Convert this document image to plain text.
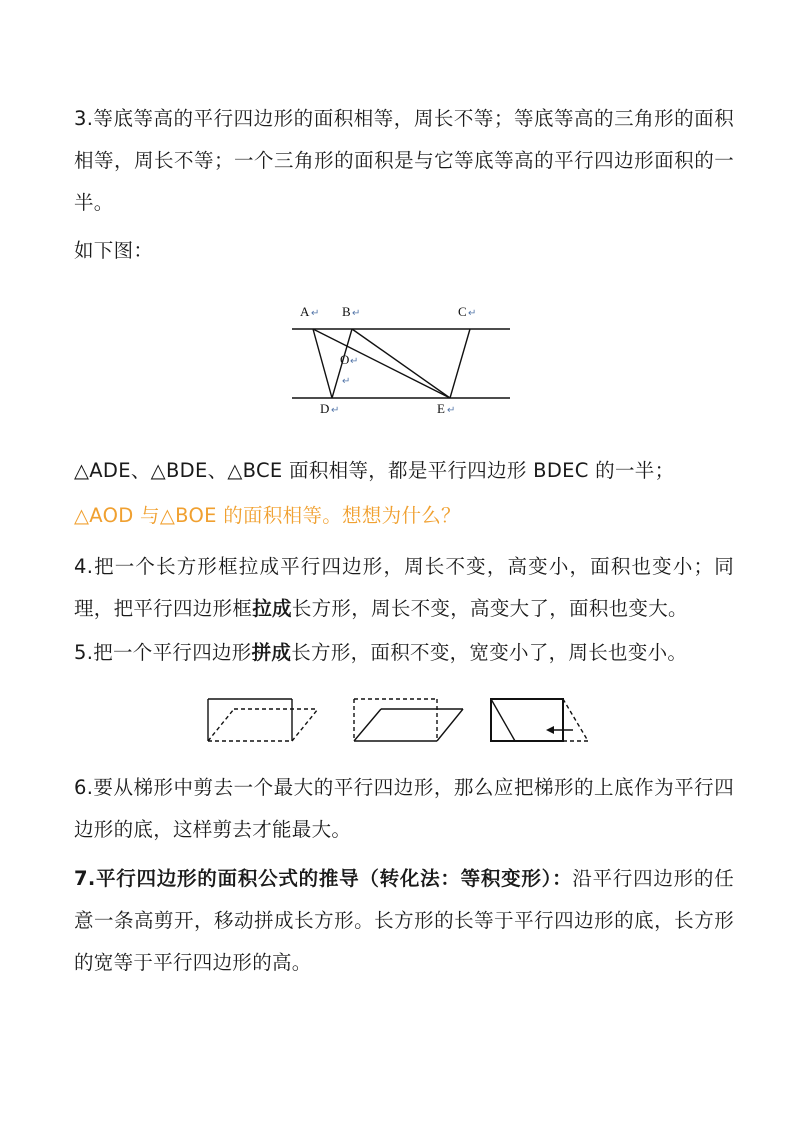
3.等底等高的平行四边形的面积相等，周长不等；等底等高的三角形的面积相等，周长不等；一个三角形的面积是与它等底等高的平行四边形面积的一半。
如下图：
A	B	C
O
D	E
↵	↵	↵
↵
↵
↵	↵
△ADE、△BDE、△BCE 面积相等，都是平行四边形 BDEC 的一半；
△AOD 与△BOE 的面积相等。想想为什么？
4.把一个长方形框拉成平行四边形，周长不变，高变小，面积也变小；同理，把平行四边形框拉成长方形，周长不变，高变大了，面积也变大。
5.把一个平行四边形拼成长方形，面积不变，宽变小了，周长也变小。
6.要从梯形中剪去一个最大的平行四边形，那么应把梯形的上底作为平行四边形的底，这样剪去才能最大。
7.平行四边形的面积公式的推导（转化法：等积变形）：沿平行四边形的任意一条高剪开，移动拼成长方形。长方形的长等于平行四边形的底，长方形的宽等于平行四边形的高。
